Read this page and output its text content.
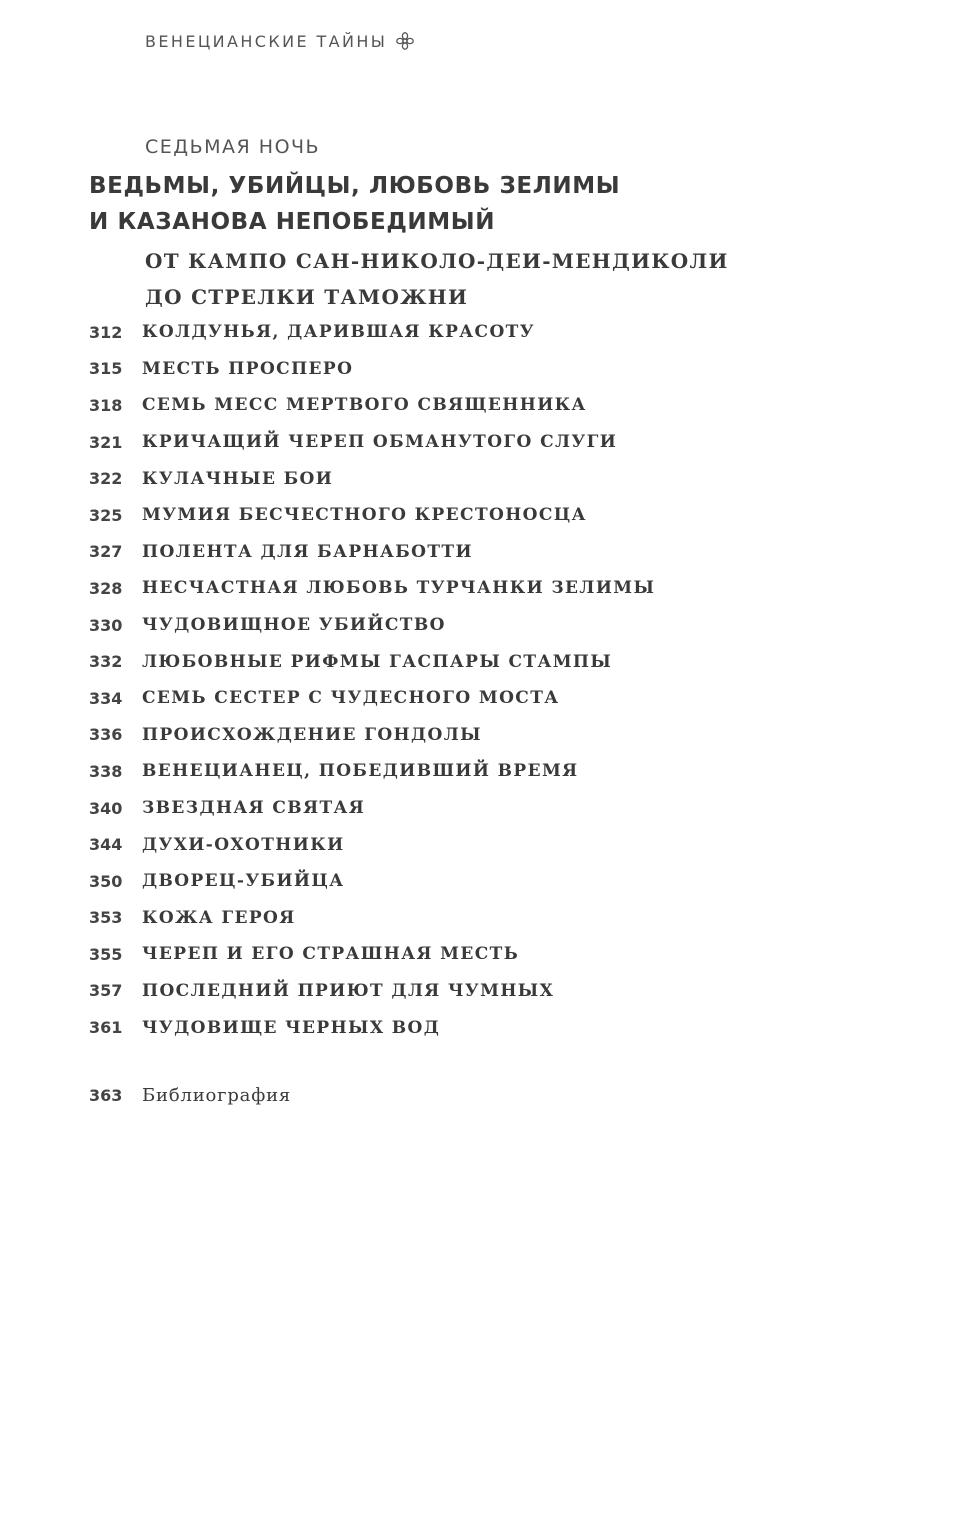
ВЕНЕЦИАНСКИЕ ТАЙНЫ
СЕДЬМАЯ НОЧЬ
ВЕДЬМЫ, УБИЙЦЫ, ЛЮБОВЬ ЗЕЛИМЫ
И КАЗАНОВА НЕПОБЕДИМЫЙ
ОТ КАМПО САН-НИКОЛО-ДЕИ-МЕНДИКОЛИ
ДО СТРЕЛКИ ТАМОЖНИ
312	КОЛДУНЬЯ, ДАРИВШАЯ КРАСОТУ
315	МЕСТЬ ПРОСПЕРО
318	СЕМЬ МЕСС МЕРТВОГО СВЯЩЕННИКА
321	КРИЧАЩИЙ ЧЕРЕП ОБМАНУТОГО СЛУГИ
322	КУЛАЧНЫЕ БОИ
325	МУМИЯ БЕСЧЕСТНОГО КРЕСТОНОСЦА
327	ПОЛЕНТА ДЛЯ БАРНАБОТТИ
328	НЕСЧАСТНАЯ ЛЮБОВЬ ТУРЧАНКИ ЗЕЛИМЫ
330	ЧУДОВИЩНОЕ УБИЙСТВО
332	ЛЮБОВНЫЕ РИФМЫ ГАСПАРЫ СТАМПЫ
334	СЕМЬ СЕСТЕР С ЧУДЕСНОГО МОСТА
336	ПРОИСХОЖДЕНИЕ ГОНДОЛЫ
338	ВЕНЕЦИАНЕЦ, ПОБЕДИВШИЙ ВРЕМЯ
340	ЗВЕЗДНАЯ СВЯТАЯ
344	ДУХИ-ОХОТНИКИ
350	ДВОРЕЦ-УБИЙЦА
353	КОЖА ГЕРОЯ
355	ЧЕРЕП И ЕГО СТРАШНАЯ МЕСТЬ
357	ПОСЛЕДНИЙ ПРИЮТ ДЛЯ ЧУМНЫХ
361	ЧУДОВИЩЕ ЧЕРНЫХ ВОД
363	Библиография
